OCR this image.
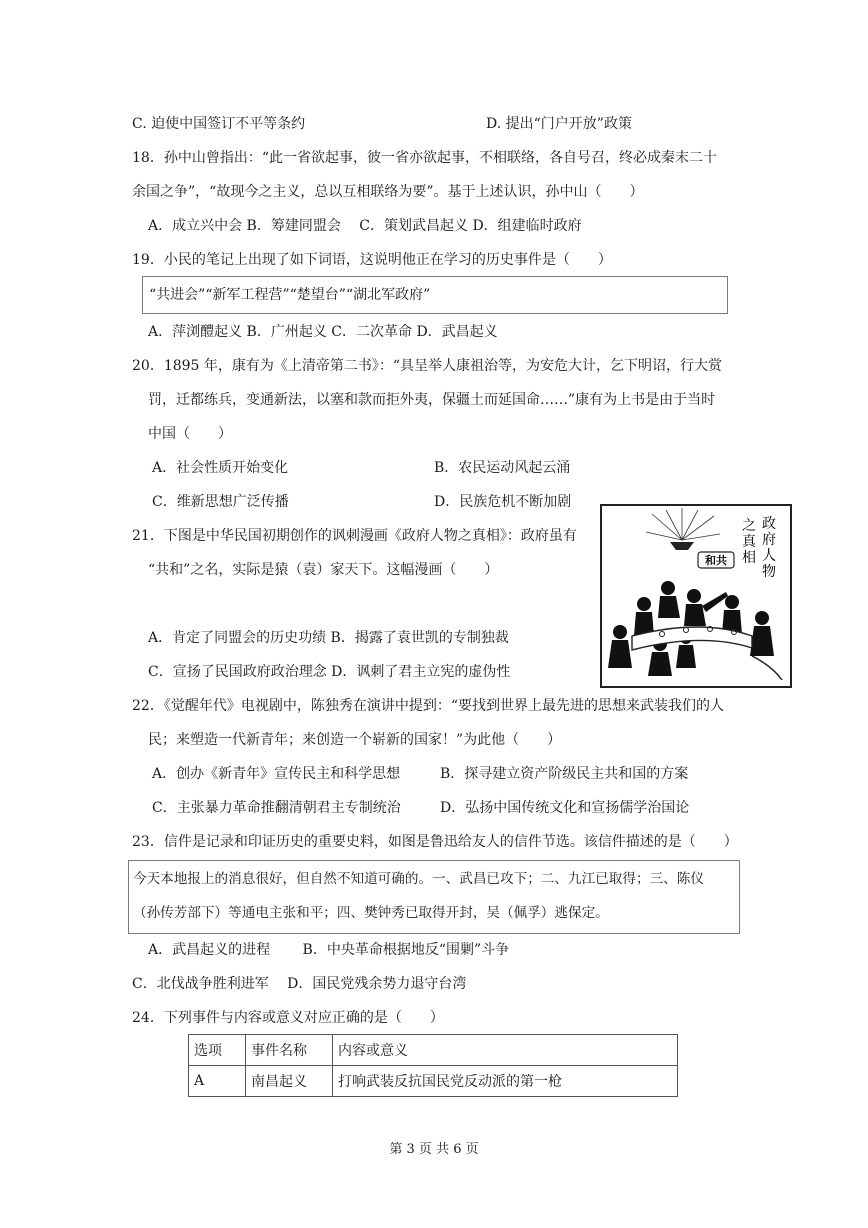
C. 迫使中国签订不平等条约	D. 提出“门户开放”政策
18．孙中山曾指出：“此一省欲起事，彼一省亦欲起事，不相联络，各自号召，终必成秦末二十
余国之争”，“故现今之主义，总以互相联络为要”。基于上述认识，孙中山（　　）
A．成立兴中会 B．筹建同盟会　 C．策划武昌起义 D．组建临时政府
19．小民的笔记上出现了如下词语，这说明他正在学习的历史事件是（　　）
“共进会”“新军工程营”“楚望台”“湖北军政府”
A．萍浏醴起义 B．广州起义 C．二次革命 D．武昌起义
20．1895 年，康有为《上清帝第二书》：“具呈举人康祖治等，为安危大计，乞下明诏，行大赏
罚，迁都练兵，变通新法，以塞和款而拒外夷，保疆土而延国命……”康有为上书是由于当时
中国（　　）
A．社会性质开始变化	B．农民运动风起云涌
C．维新思想广泛传播	D．民族危机不断加剧
21．下图是中华民国初期创作的讽刺漫画《政府人物之真相》：政府虽有
“共和”之名，实际是猿（袁）家天下。这幅漫画（　　）
A．肯定了同盟会的历史功绩 B．揭露了袁世凯的专制独裁
C．宣扬了民国政府政治理念 D．讽刺了君主立宪的虚伪性
和共
政 府 人 物 之 真 相
22．《觉醒年代》电视剧中，陈独秀在演讲中提到：“要找到世界上最先进的思想来武装我们的人
民；来塑造一代新青年；来创造一个崭新的国家！”为此他（　　）
A．创办《新青年》宣传民主和科学思想	B．探寻建立资产阶级民主共和国的方案
C．主张暴力革命推翻清朝君主专制统治	D．弘扬中国传统文化和宣扬儒学治国论
23．信件是记录和印证历史的重要史料，如图是鲁迅给友人的信件节选。该信件描述的是（　　）
今天本地报上的消息很好，但自然不知道可确的。一、武昌已攻下；二、九江已取得；三、陈仪
（孙传芳部下）等通电主张和平；四、樊钟秀已取得开封，吴（佩孚）逃保定。
A．武昌起义的进程　　 B．中央革命根据地反“围剿”斗争
C．北伐战争胜利进军　 D．国民党残余势力退守台湾
24．下列事件与内容或意义对应正确的是（　　）
选项	事件名称	内容或意义
A	南昌起义	打响武装反抗国民党反动派的第一枪
第 3 页 共 6 页
